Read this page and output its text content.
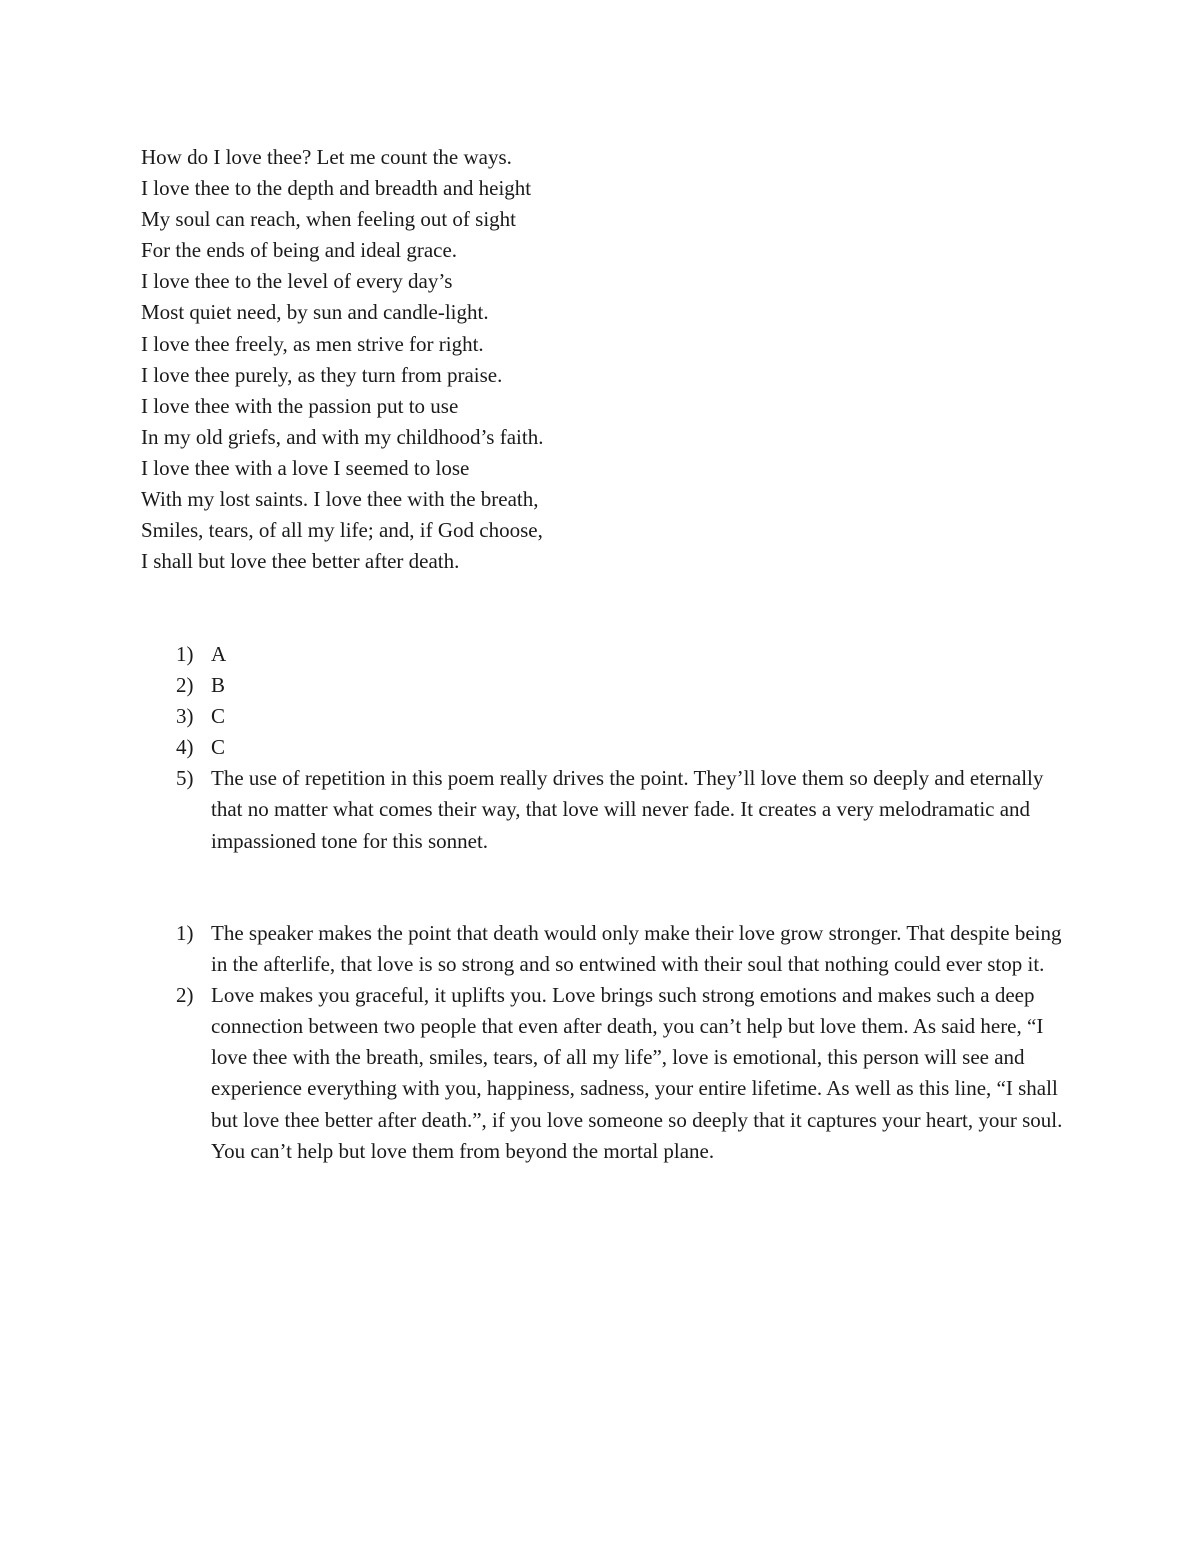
How do I love thee? Let me count the ways.
I love thee to the depth and breadth and height
My soul can reach, when feeling out of sight
For the ends of being and ideal grace.
I love thee to the level of every day’s
Most quiet need, by sun and candle-light.
I love thee freely, as men strive for right.
I love thee purely, as they turn from praise.
I love thee with the passion put to use
In my old griefs, and with my childhood’s faith.
I love thee with a love I seemed to lose
With my lost saints. I love thee with the breath,
Smiles, tears, of all my life; and, if God choose,
I shall but love thee better after death.
1) A
2) B
3) C
4) C
5) The use of repetition in this poem really drives the point. They’ll love them so deeply and eternally that no matter what comes their way, that love will never fade. It creates a very melodramatic and impassioned tone for this sonnet.
1) The speaker makes the point that death would only make their love grow stronger. That despite being in the afterlife, that love is so strong and so entwined with their soul that nothing could ever stop it.
2) Love makes you graceful, it uplifts you. Love brings such strong emotions and makes such a deep connection between two people that even after death, you can’t help but love them. As said here, “I love thee with the breath, smiles, tears, of all my life”, love is emotional, this person will see and experience everything with you, happiness, sadness, your entire lifetime. As well as this line, “I shall but love thee better after death.”, if you love someone so deeply that it captures your heart, your soul. You can’t help but love them from beyond the mortal plane.
